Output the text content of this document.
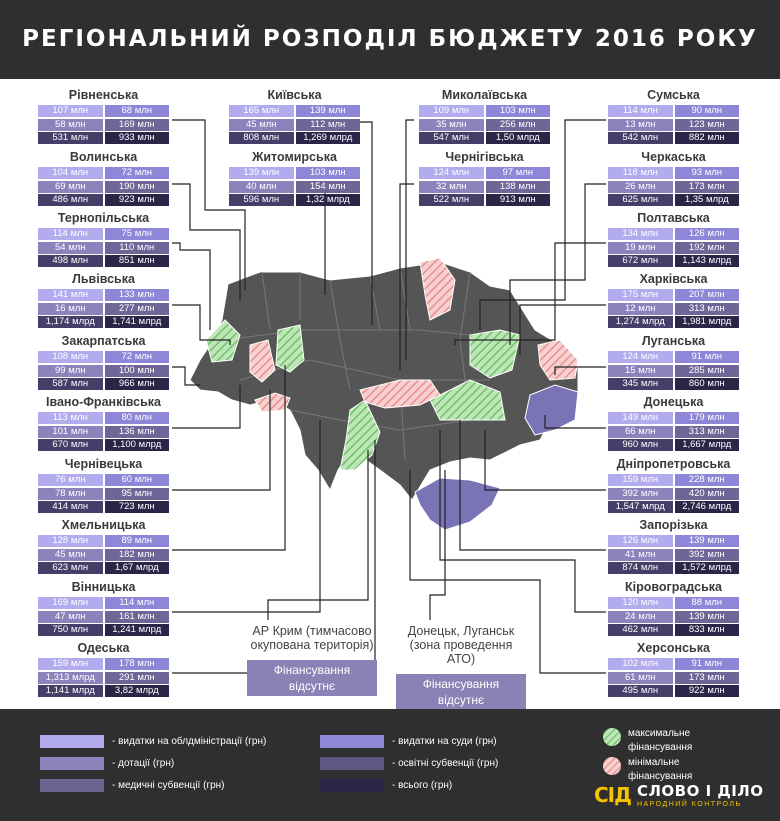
РЕГІОНАЛЬНИЙ РОЗПОДІЛ БЮДЖЕТУ 2016 РОКУ
Рівненська
107 млн	68 млн
58 млн	169 млн
531 млн	933 млн
Волинська
104 млн	72 млн
69 млн	190 млн
486 млн	923 млн
Тернопільська
114 млн	75 млн
54 млн	110 млн
498 млн	851 млн
Львівська
141 млн	133 млн
16 млн	277 млн
1,174 млрд	1,741 млрд
Закарпатська
108 млн	72 млн
99 млн	100 млн
587 млн	966 млн
Івано-Франківська
113 млн	80 млн
101 млн	136 млн
670 млн	1,100 млрд
Чернівецька
76 млн	60 млн
78 млн	95 млн
414 млн	723 млн
Хмельницька
128 млн	89 млн
45 млн	182 млн
623 млн	1,67 млрд
Вінницька
169 млн	114 млн
47 млн	161 млн
750 млн	1,241 млрд
Одеська
159 млн	178 млн
1,313 млрд	291 млн
1,141 млрд	3,82 млрд
Київська
165 млн	139 млн
45 млн	112 млн
808 млн	1,269 млрд
Житомирська
139 млн	103 млн
40 млн	154 млн
596 млн	1,32 млрд
Миколаївська
109 млн	103 млн
35 млн	256 млн
547 млн	1,50 млрд
Чернігівська
124 млн	97 млн
32 млн	138 млн
522 млн	913 млн
Сумська
114 млн	90 млн
13 млн	123 млн
542 млн	882 млн
Черкаська
118 млн	93 млн
26 млн	173 млн
625 млн	1,35 млрд
Полтавська
134 млн	126 млн
19 млн	192 млн
672 млн	1,143 млрд
Харківська
175 млн	207 млн
12 млн	313 млн
1,274 млрд	1,981 млрд
Луганська
124 млн	91 млн
15 млн	285 млн
345 млн	860 млн
Донецька
149 млн	179 млн
66 млн	313 млн
960 млн	1,667 млрд
Дніпропетровська
159 млн	228 млн
392 млн	420 млн
1,547 млрд	2,746 млрд
Запорізька
126 млн	139 млн
41 млн	392 млн
874 млн	1,572 млрд
Кіровоградська
120 млн	88 млн
24 млн	139 млн
462 млн	833 млн
Херсонська
102 млн	91 млн
61 млн	173 млн
495 млн	922 млн
АР Крим (тимчасово
окупована територія)
Фінансування
відсутнє
Донецьк, Луганськ
(зона проведення АТО)
Фінансування
відсутнє
- видатки на облдміністрації (грн)
- дотації (грн)
- медичні субвенції (грн)
- видатки на суди (грн)
- освітні субвенції (грн)
- всього (грн)
максимальне
фінансування
мінімальне
фінансування
СІД СЛОВО І ДІЛО
НАРОДНИЙ КОНТРОЛЬ
